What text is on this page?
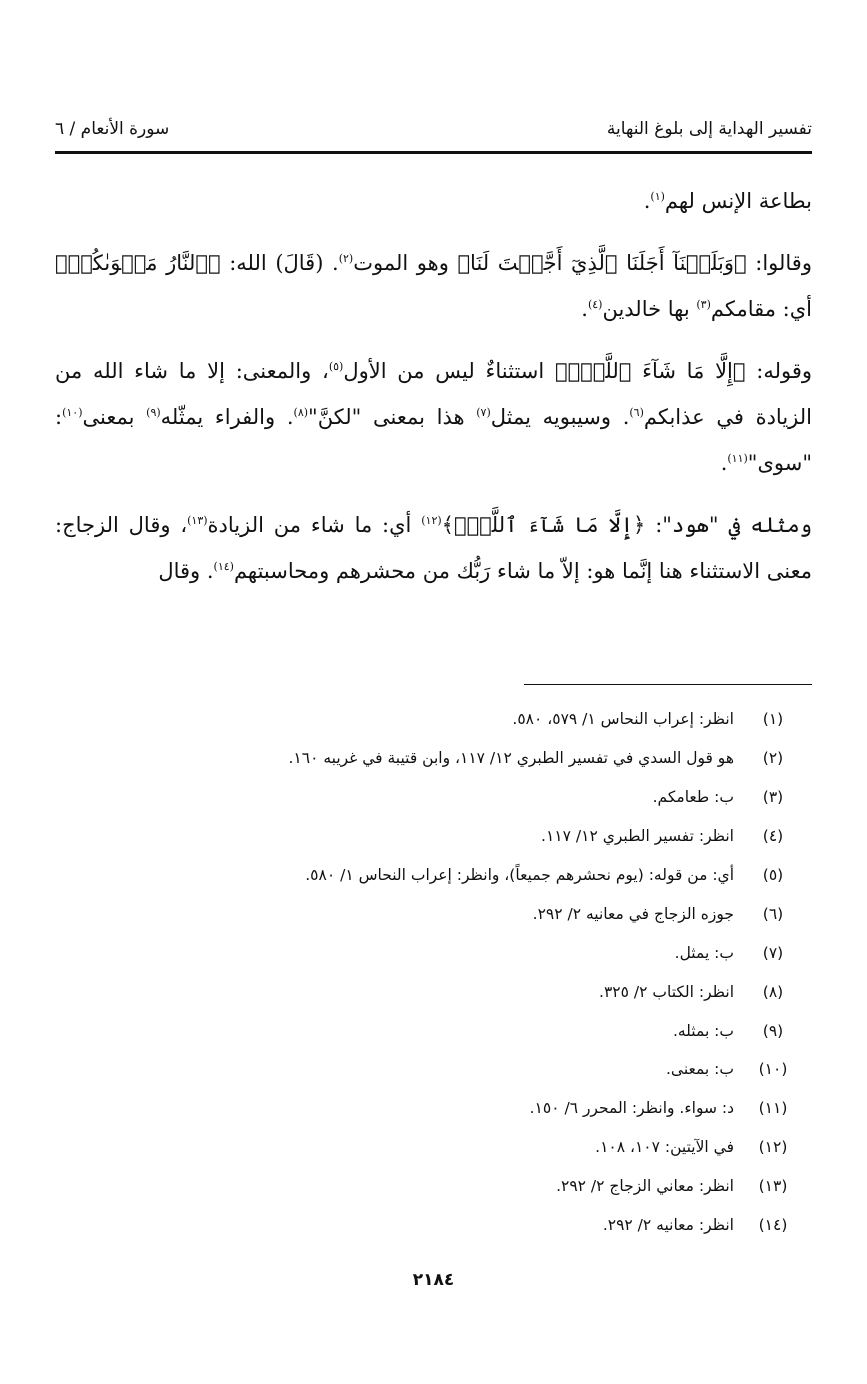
تفسير الهداية إلى بلوغ النهاية
سورة الأنعام / ٦

بطاعة الإنس لهم$^{(١)}$.

وقالوا: ﴿وَبَلَغۡنَآ أَجَلَنَا ٱلَّذِيٓ أَجَّلۡتَ لَنَا﴾ وهو الموت$^{(٢)}$. (قَالَ) الله: ﴿ٱلنَّارُ مَثۡوَىٰكُمۡ﴾ أي: مقامكم$^{(٣)}$ بها خالدين$^{(٤)}$.

وقوله: ﴿إِلَّا مَا شَآءَ ٱللَّهُۗ﴾ استثناءٌ ليس من الأول$^{(٥)}$، والمعنى: إلا ما شاء الله من الزيادة في عذابكم$^{(٦)}$. وسيبويه يمثل$^{(٧)}$ هذا بمعنى "لكنَّ"$^{(٨)}$. والفراء يمثّله$^{(٩)}$ بمعنى$^{(١٠)}$: "سوى"$^{(١١)}$.

ومثله في "هود": ﴿إِلَّا مَا شَآءَ ٱللَّهُۗ﴾$^{(١٢)}$ أي: ما شاء من الزيادة$^{(١٣)}$، وقال الزجاج: معنى الاستثناء هنا إنَّما هو: إلاّ ما شاء رَبُّك من محشرهم ومحاسبتهم$^{(١٤)}$. وقال

(١)
انظر: إعراب النحاس ١/ ٥٧٩، ٥٨٠.
(٢)
هو قول السدي في تفسير الطبري ١٢/ ١١٧، وابن قتيبة في غريبه ١٦٠.
(٣)
ب: طعامكم.
(٤)
انظر: تفسير الطبري ١٢/ ١١٧.
(٥)
أي: من قوله: (يوم نحشرهم جميعاً)، وانظر: إعراب النحاس ١/ ٥٨٠.
(٦)
جوزه الزجاج في معانيه ٢/ ٢٩٢.
(٧)
ب: يمثل.
(٨)
انظر: الكتاب ٢/ ٣٢٥.
(٩)
ب: بمثله.
(١٠)
ب: بمعنى.
(١١)
د: سواء. وانظر: المحرر ٦/ ١٥٠.
(١٢)
في الآيتين: ١٠٧، ١٠٨.
(١٣)
انظر: معاني الزجاج ٢/ ٢٩٢.
(١٤)
انظر: معانيه ٢/ ٢٩٢.
٢١٨٤
